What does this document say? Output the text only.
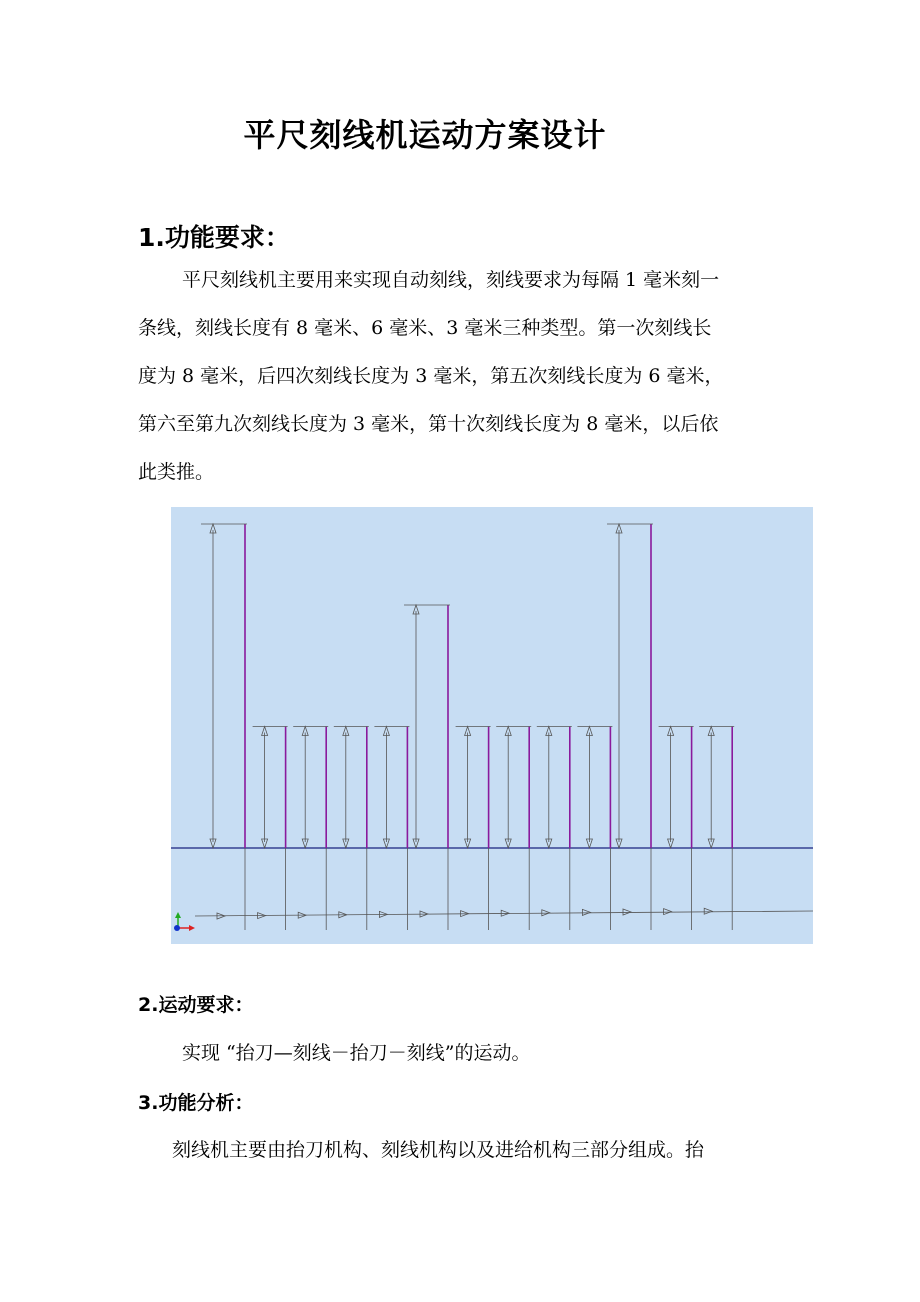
平尺刻线机运动方案设计
1.功能要求：

平尺刻线机主要用来实现自动刻线，刻线要求为每隔 1 毫米刻一
条线，刻线长度有 8 毫米、6 毫米、3 毫米三种类型。第一次刻线长
度为 8 毫米，后四次刻线长度为 3 毫米，第五次刻线长度为 6 毫米，
第六至第九次刻线长度为 3 毫米，第十次刻线长度为 8 毫米，以后依
此类推。

2.运动要求：

实现 “抬刀—刻线－抬刀－刻线”的运动。

3.功能分析：

刻线机主要由抬刀机构、刻线机构以及进给机构三部分组成。抬
